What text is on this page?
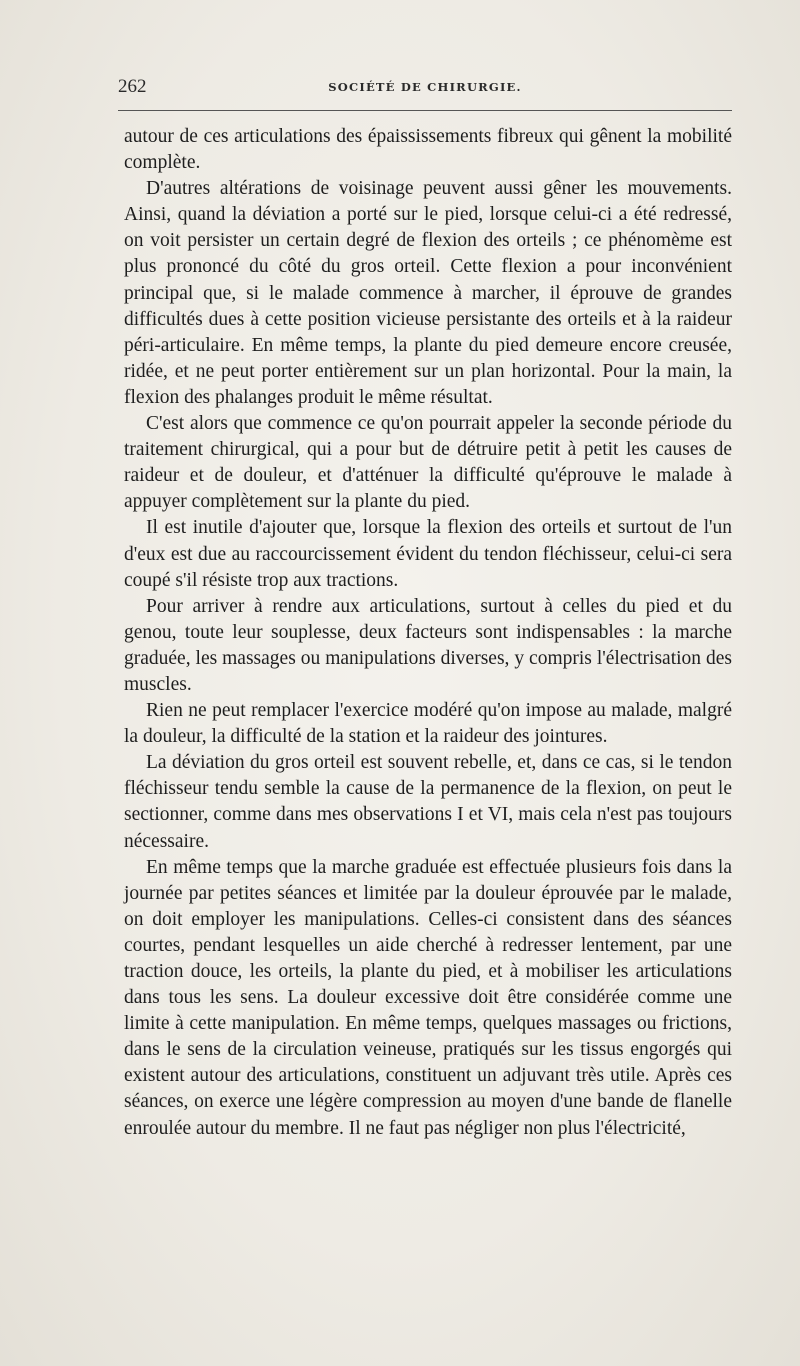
262	SOCIÉTÉ DE CHIRURGIE.

autour de ces articulations des épaississements fibreux qui gênent la mobilité complète.

D'autres altérations de voisinage peuvent aussi gêner les mouvements. Ainsi, quand la déviation a porté sur le pied, lorsque celui-ci a été redressé, on voit persister un certain degré de flexion des orteils ; ce phénomème est plus prononcé du côté du gros orteil. Cette flexion a pour inconvénient principal que, si le malade commence à marcher, il éprouve de grandes difficultés dues à cette position vicieuse persistante des orteils et à la raideur péri-articulaire. En même temps, la plante du pied demeure encore creusée, ridée, et ne peut porter entièrement sur un plan horizontal. Pour la main, la flexion des phalanges produit le même résultat.

C'est alors que commence ce qu'on pourrait appeler la seconde période du traitement chirurgical, qui a pour but de détruire petit à petit les causes de raideur et de douleur, et d'atténuer la difficulté qu'éprouve le malade à appuyer complètement sur la plante du pied.

Il est inutile d'ajouter que, lorsque la flexion des orteils et surtout de l'un d'eux est due au raccourcissement évident du tendon fléchisseur, celui-ci sera coupé s'il résiste trop aux tractions.

Pour arriver à rendre aux articulations, surtout à celles du pied et du genou, toute leur souplesse, deux facteurs sont indispensables : la marche graduée, les massages ou manipulations diverses, y compris l'électrisation des muscles.

Rien ne peut remplacer l'exercice modéré qu'on impose au malade, malgré la douleur, la difficulté de la station et la raideur des jointures.

La déviation du gros orteil est souvent rebelle, et, dans ce cas, si le tendon fléchisseur tendu semble la cause de la permanence de la flexion, on peut le sectionner, comme dans mes observations I et VI, mais cela n'est pas toujours nécessaire.

En même temps que la marche graduée est effectuée plusieurs fois dans la journée par petites séances et limitée par la douleur éprouvée par le malade, on doit employer les manipulations. Celles-ci consistent dans des séances courtes, pendant lesquelles un aide cherché à redresser lentement, par une traction douce, les orteils, la plante du pied, et à mobiliser les articulations dans tous les sens. La douleur excessive doit être considérée comme une limite à cette manipulation. En même temps, quelques massages ou frictions, dans le sens de la circulation veineuse, pratiqués sur les tissus engorgés qui existent autour des articulations, constituent un adjuvant très utile. Après ces séances, on exerce une légère compression au moyen d'une bande de flanelle enroulée autour du membre. Il ne faut pas négliger non plus l'électricité,
